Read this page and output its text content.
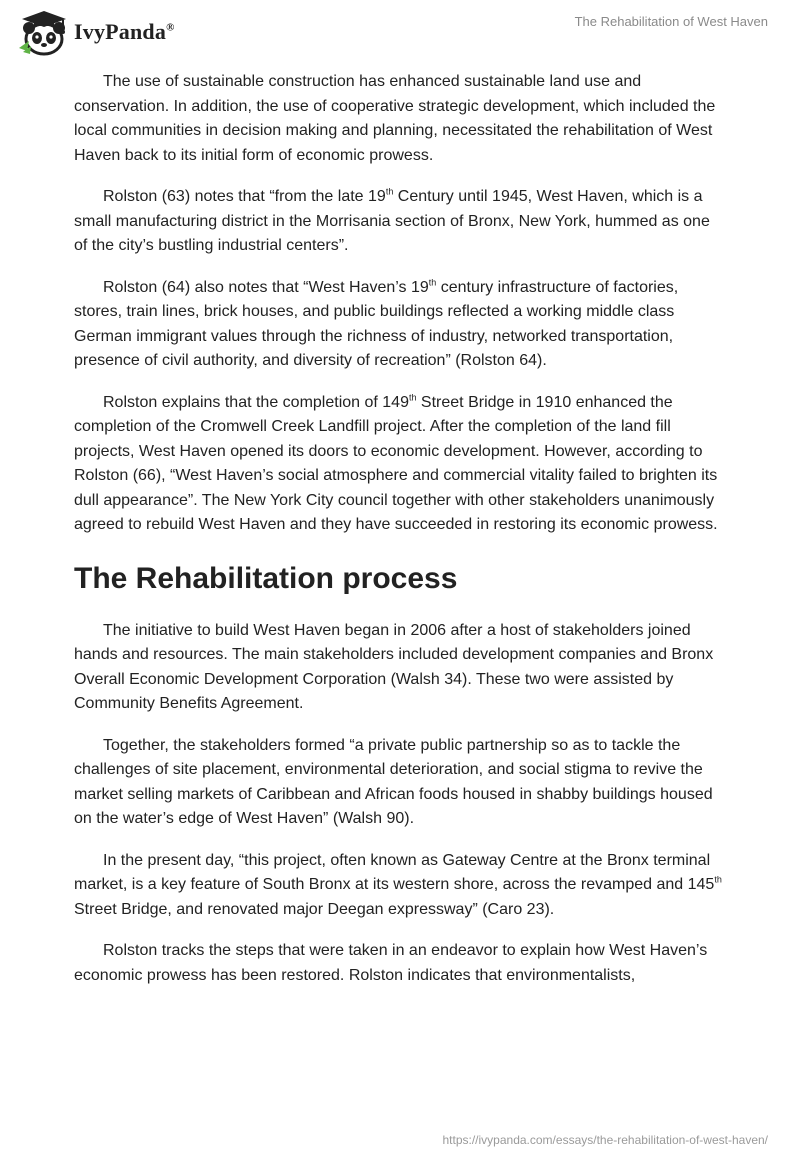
IvyPanda®	The Rehabilitation of West Haven

The use of sustainable construction has enhanced sustainable land use and conservation. In addition, the use of cooperative strategic development, which included the local communities in decision making and planning, necessitated the rehabilitation of West Haven back to its initial form of economic prowess.

Rolston (63) notes that “from the late 19th Century until 1945, West Haven, which is a small manufacturing district in the Morrisania section of Bronx, New York, hummed as one of the city’s bustling industrial centers”.

Rolston (64) also notes that “West Haven’s 19th century infrastructure of factories, stores, train lines, brick houses, and public buildings reflected a working middle class German immigrant values through the richness of industry, networked transportation, presence of civil authority, and diversity of recreation” (Rolston 64).

Rolston explains that the completion of 149th Street Bridge in 1910 enhanced the completion of the Cromwell Creek Landfill project. After the completion of the land fill projects, West Haven opened its doors to economic development. However, according to Rolston (66), “West Haven’s social atmosphere and commercial vitality failed to brighten its dull appearance”. The New York City council together with other stakeholders unanimously agreed to rebuild West Haven and they have succeeded in restoring its economic prowess.

The Rehabilitation process

The initiative to build West Haven began in 2006 after a host of stakeholders joined hands and resources. The main stakeholders included development companies and Bronx Overall Economic Development Corporation (Walsh 34). These two were assisted by Community Benefits Agreement.

Together, the stakeholders formed “a private public partnership so as to tackle the challenges of site placement, environmental deterioration, and social stigma to revive the market selling markets of Caribbean and African foods housed in shabby buildings housed on the water’s edge of West Haven” (Walsh 90).

In the present day, “this project, often known as Gateway Centre at the Bronx terminal market, is a key feature of South Bronx at its western shore, across the revamped and 145th Street Bridge, and renovated major Deegan expressway” (Caro 23).

Rolston tracks the steps that were taken in an endeavor to explain how West Haven’s economic prowess has been restored. Rolston indicates that environmentalists,

https://ivypanda.com/essays/the-rehabilitation-of-west-haven/
